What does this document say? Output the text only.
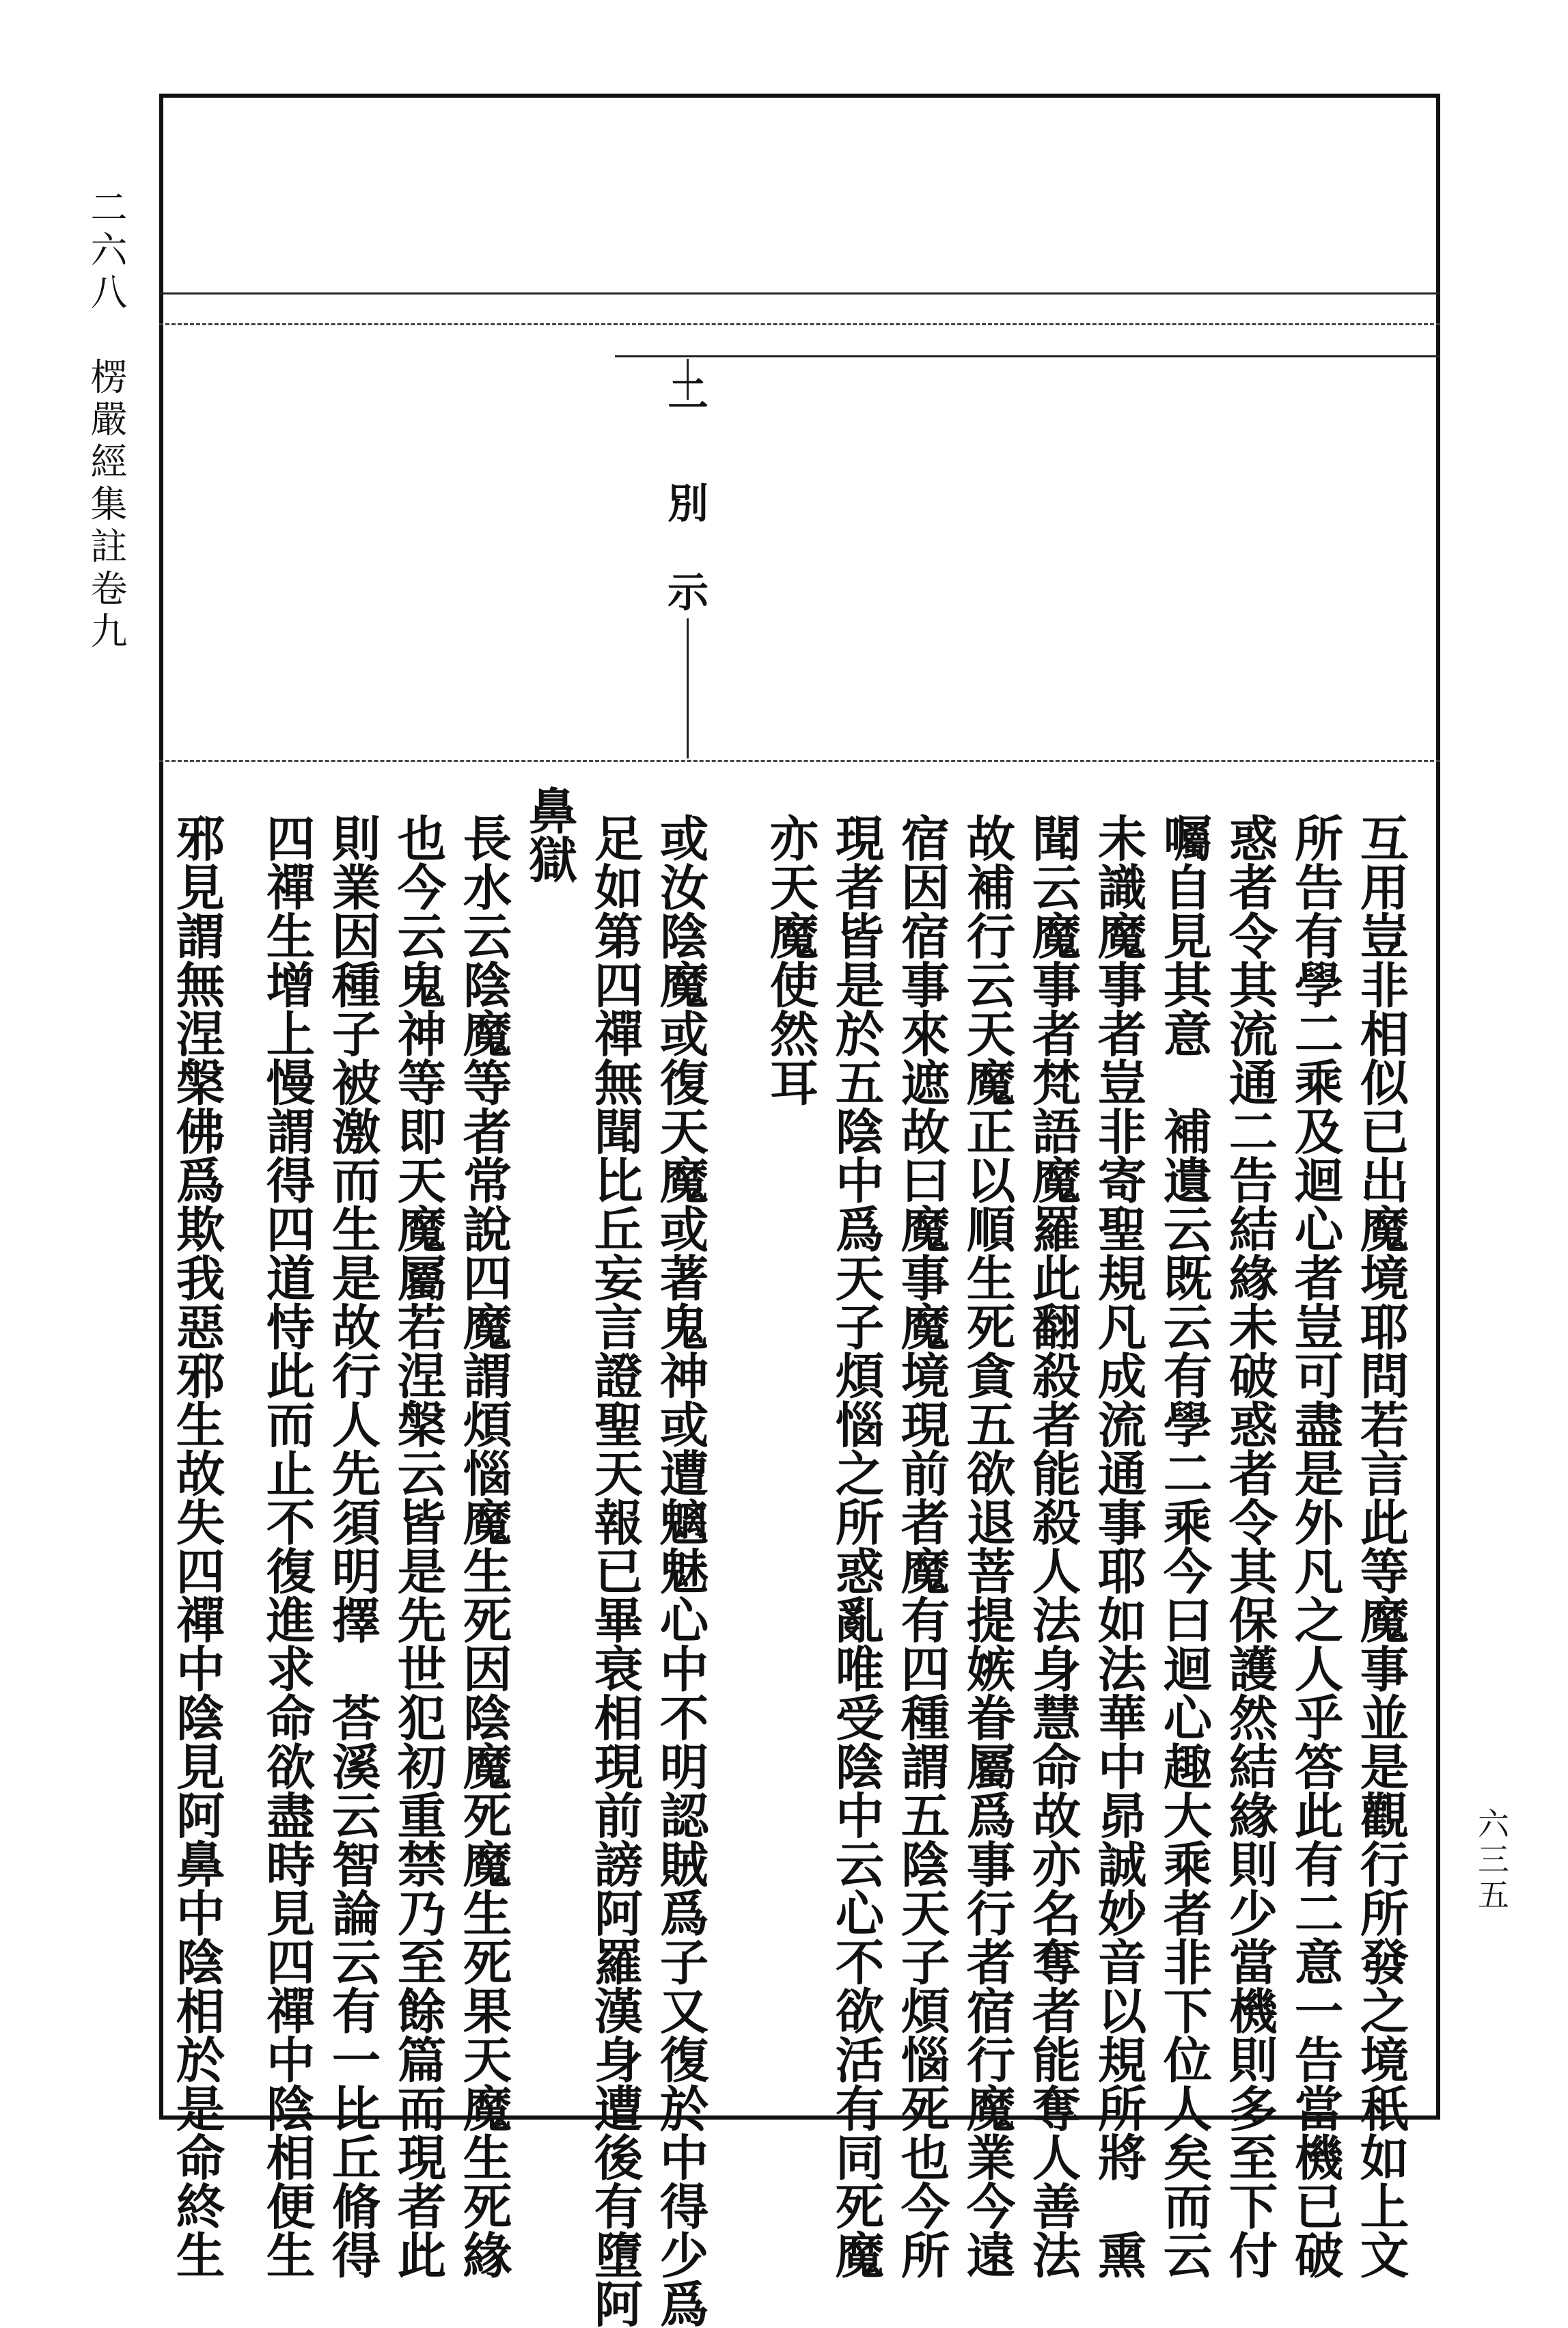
二六八　楞嚴經集註卷九
六三五
二
別
示
互用豈非相似已出魔境耶問若言此等魔事並是觀行所發之境秖如上文
所告有學二乘及迴心者豈可盡是外凡之人乎答此有二意一告當機已破
惑者令其流通二告結緣未破惑者令其保護然結緣則少當機則多至下付
囑自見其意　補遺云既云有學二乘今曰迴心趣大乘者非下位人矣而云
未識魔事者豈非寄聖規凡成流通事耶如法華中昴誠妙音以規所將　熏
聞云魔事者梵語魔羅此翻殺者能殺人法身慧命故亦名奪者能奪人善法
故補行云天魔正以順生死貪五欲退菩提嫉眷屬爲事行者宿行魔業今遠
宿因宿事來遮故曰魔事魔境現前者魔有四種謂五陰天子煩惱死也今所
現者皆是於五陰中爲天子煩惱之所惑亂唯受陰中云心不欲活有同死魔
亦天魔使然耳
或汝陰魔或復天魔或著鬼神或遭魑魅心中不明認賊爲子又復於中得少爲
足如第四禪無聞比丘妄言證聖天報已畢衰相現前謗阿羅漢身遭後有墮阿
鼻獄
長水云陰魔等者常說四魔謂煩惱魔生死因陰魔死魔生死果天魔生死緣
也今云鬼神等即天魔屬若涅槃云皆是先世犯初重禁乃至餘篇而現者此
則業因種子被激而生是故行人先須明擇　荅溪云智論云有一比丘脩得
四禪生增上慢謂得四道恃此而止不復進求命欲盡時見四禪中陰相便生
邪見謂無涅槃佛爲欺我惡邪生故失四禪中陰見阿鼻中陰相於是命終生
